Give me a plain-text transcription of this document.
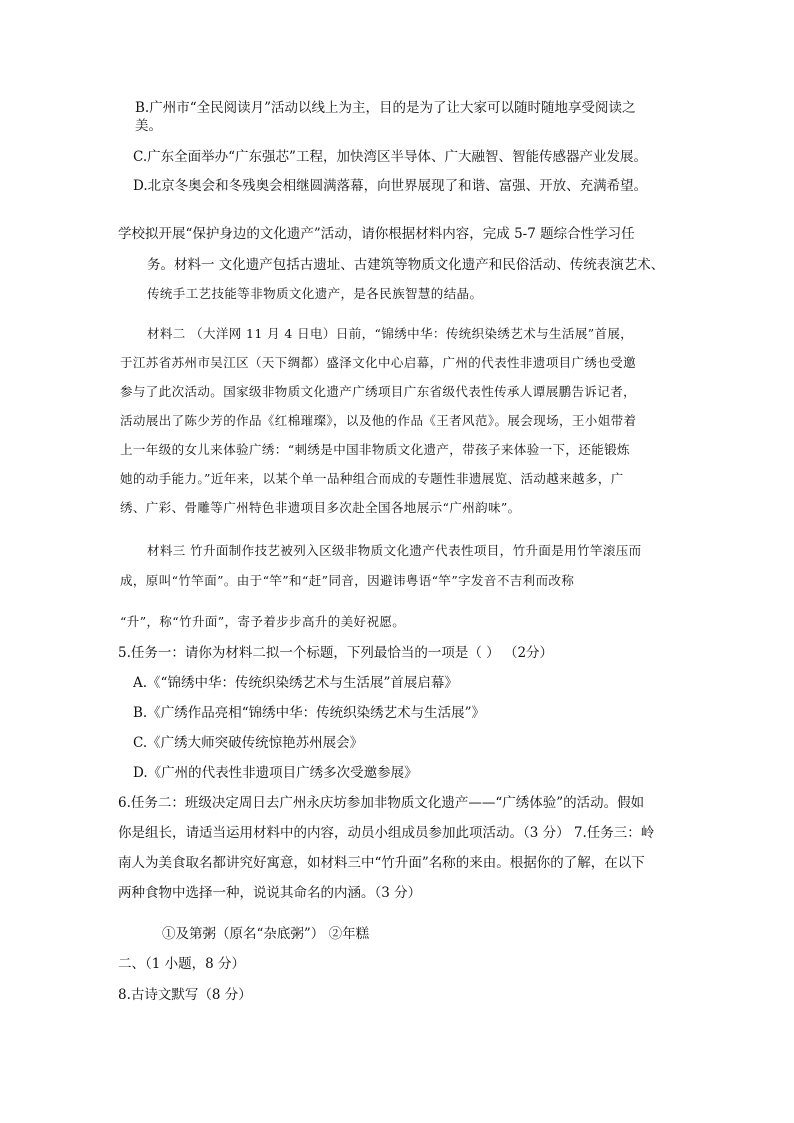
B.广州市“全民阅读月”活动以线上为主，目的是为了让大家可以随时随地享受阅读之
美。
C.广东全面举办“广东强芯”工程，加快湾区半导体、广大融智、智能传感器产业发展。
D.北京冬奥会和冬残奥会相继圆满落幕，向世界展现了和谐、富强、开放、充满希望。
学校拟开展“保护身边的文化遗产”活动，请你根据材料内容，完成 5-7 题综合性学习任
务。材料一 文化遗产包括古遗址、古建筑等物质文化遗产和民俗活动、传统表演艺术、
传统手工艺技能等非物质文化遗产，是各民族智慧的结晶。
材料二 （大洋网 11 月 4 日电）日前，“锦绣中华：传统织染绣艺术与生活展”首展，
于江苏省苏州市吴江区（天下绸都）盛泽文化中心启幕，广州的代表性非遗项目广绣也受邀
参与了此次活动。国家级非物质文化遗产广绣项目广东省级代表性传承人谭展鹏告诉记者，
活动展出了陈少芳的作品《红棉璀璨》，以及他的作品《王者风范》。展会现场，王小姐带着
上一年级的女儿来体验广绣：“刺绣是中国非物质文化遗产，带孩子来体验一下，还能锻炼
她的动手能力。”近年来，以某个单一品种组合而成的专题性非遗展览、活动越来越多，广
绣、广彩、骨雕等广州特色非遗项目多次赴全国各地展示“广州韵味”。
材料三 竹升面制作技艺被列入区级非物质文化遗产代表性项目，竹升面是用竹竿滚压而
成，原叫“竹竿面”。由于“竿”和“赶”同音，因避讳粤语“竿”字发音不吉利而改称
“升”，称“竹升面”，寄予着步步高升的美好祝愿。
5.任务一：请你为材料二拟一个标题，下列最恰当的一项是（ ） （2分）
A.《“锦绣中华：传统织染绣艺术与生活展”首展启幕》
B.《广绣作品亮相“锦绣中华：传统织染绣艺术与生活展”》
C.《广绣大师突破传统惊艳苏州展会》
D.《广州的代表性非遗项目广绣多次受邀参展》
6.任务二：班级决定周日去广州永庆坊参加非物质文化遗产——“广绣体验”的活动。假如
你是组长，请适当运用材料中的内容，动员小组成员参加此项活动。（3 分） 7.任务三：岭
南人为美食取名都讲究好寓意，如材料三中“竹升面”名称的来由。根据你的了解，在以下
两种食物中选择一种，说说其命名的内涵。（3 分）
①及第粥（原名“杂底粥”） ②年糕
二、（1 小题，8 分）
8.古诗文默写（8 分）
